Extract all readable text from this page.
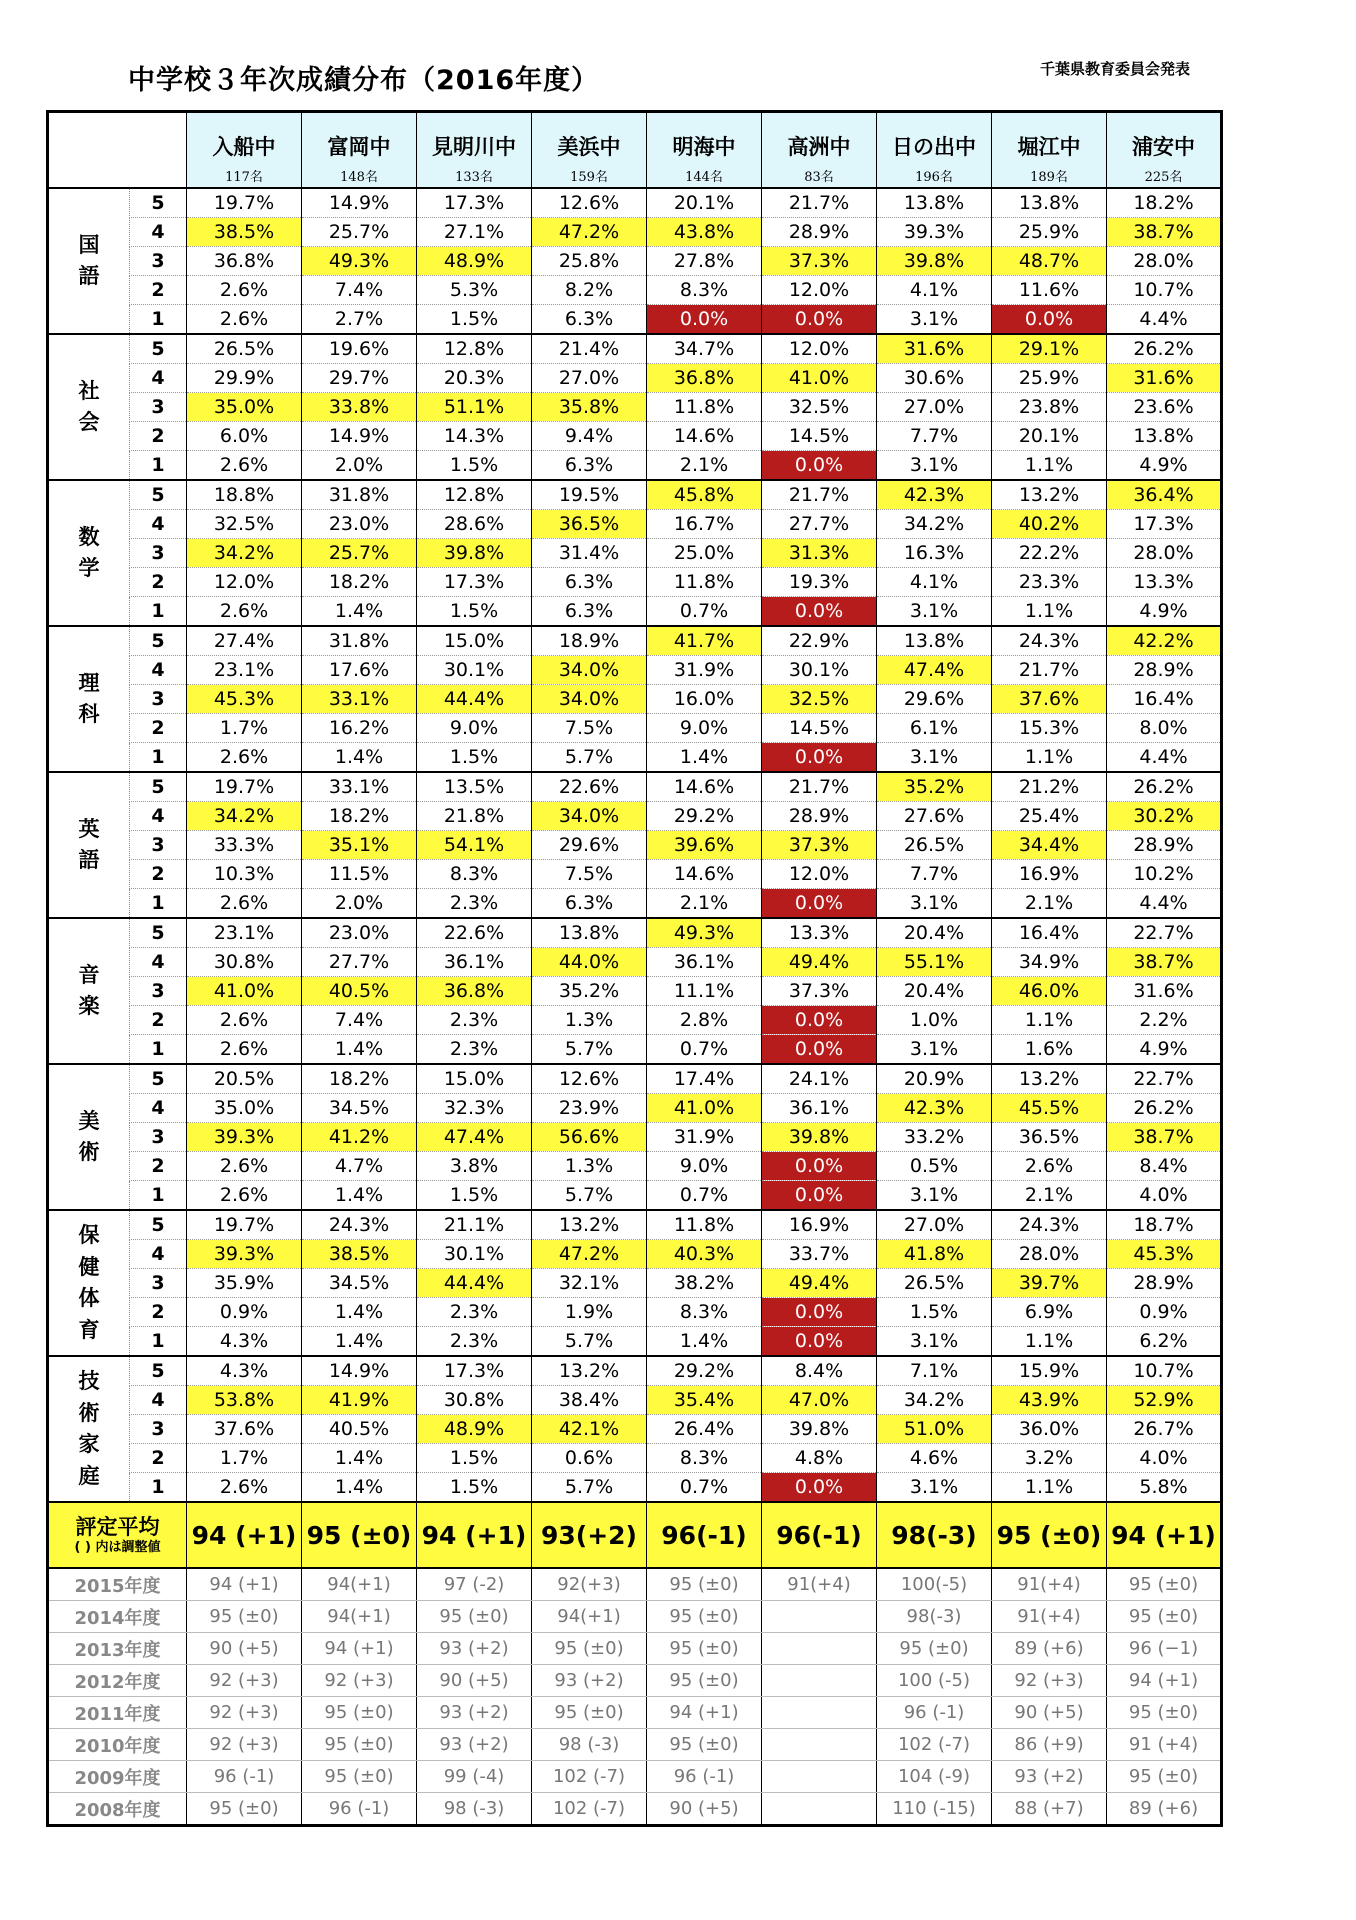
中学校３年次成績分布（2016年度）	千葉県教育委員会発表
		入船中	富岡中	見明川中	美浜中	明海中	高洲中	日の出中	堀江中	浦安中
		117名	148名	133名	159名	144名	83名	196名	189名	225名
国語	5	19.7%	14.9%	17.3%	12.6%	20.1%	21.7%	13.8%	13.8%	18.2%
	4	38.5%	25.7%	27.1%	47.2%	43.8%	28.9%	39.3%	25.9%	38.7%
	3	36.8%	49.3%	48.9%	25.8%	27.8%	37.3%	39.8%	48.7%	28.0%
	2	2.6%	7.4%	5.3%	8.2%	8.3%	12.0%	4.1%	11.6%	10.7%
	1	2.6%	2.7%	1.5%	6.3%	0.0%	0.0%	3.1%	0.0%	4.4%
社会	5	26.5%	19.6%	12.8%	21.4%	34.7%	12.0%	31.6%	29.1%	26.2%
	4	29.9%	29.7%	20.3%	27.0%	36.8%	41.0%	30.6%	25.9%	31.6%
	3	35.0%	33.8%	51.1%	35.8%	11.8%	32.5%	27.0%	23.8%	23.6%
	2	6.0%	14.9%	14.3%	9.4%	14.6%	14.5%	7.7%	20.1%	13.8%
	1	2.6%	2.0%	1.5%	6.3%	2.1%	0.0%	3.1%	1.1%	4.9%
数学	5	18.8%	31.8%	12.8%	19.5%	45.8%	21.7%	42.3%	13.2%	36.4%
	4	32.5%	23.0%	28.6%	36.5%	16.7%	27.7%	34.2%	40.2%	17.3%
	3	34.2%	25.7%	39.8%	31.4%	25.0%	31.3%	16.3%	22.2%	28.0%
	2	12.0%	18.2%	17.3%	6.3%	11.8%	19.3%	4.1%	23.3%	13.3%
	1	2.6%	1.4%	1.5%	6.3%	0.7%	0.0%	3.1%	1.1%	4.9%
理科	5	27.4%	31.8%	15.0%	18.9%	41.7%	22.9%	13.8%	24.3%	42.2%
	4	23.1%	17.6%	30.1%	34.0%	31.9%	30.1%	47.4%	21.7%	28.9%
	3	45.3%	33.1%	44.4%	34.0%	16.0%	32.5%	29.6%	37.6%	16.4%
	2	1.7%	16.2%	9.0%	7.5%	9.0%	14.5%	6.1%	15.3%	8.0%
	1	2.6%	1.4%	1.5%	5.7%	1.4%	0.0%	3.1%	1.1%	4.4%
英語	5	19.7%	33.1%	13.5%	22.6%	14.6%	21.7%	35.2%	21.2%	26.2%
	4	34.2%	18.2%	21.8%	34.0%	29.2%	28.9%	27.6%	25.4%	30.2%
	3	33.3%	35.1%	54.1%	29.6%	39.6%	37.3%	26.5%	34.4%	28.9%
	2	10.3%	11.5%	8.3%	7.5%	14.6%	12.0%	7.7%	16.9%	10.2%
	1	2.6%	2.0%	2.3%	6.3%	2.1%	0.0%	3.1%	2.1%	4.4%
音楽	5	23.1%	23.0%	22.6%	13.8%	49.3%	13.3%	20.4%	16.4%	22.7%
	4	30.8%	27.7%	36.1%	44.0%	36.1%	49.4%	55.1%	34.9%	38.7%
	3	41.0%	40.5%	36.8%	35.2%	11.1%	37.3%	20.4%	46.0%	31.6%
	2	2.6%	7.4%	2.3%	1.3%	2.8%	0.0%	1.0%	1.1%	2.2%
	1	2.6%	1.4%	2.3%	5.7%	0.7%	0.0%	3.1%	1.6%	4.9%
美術	5	20.5%	18.2%	15.0%	12.6%	17.4%	24.1%	20.9%	13.2%	22.7%
	4	35.0%	34.5%	32.3%	23.9%	41.0%	36.1%	42.3%	45.5%	26.2%
	3	39.3%	41.2%	47.4%	56.6%	31.9%	39.8%	33.2%	36.5%	38.7%
	2	2.6%	4.7%	3.8%	1.3%	9.0%	0.0%	0.5%	2.6%	8.4%
	1	2.6%	1.4%	1.5%	5.7%	0.7%	0.0%	3.1%	2.1%	4.0%
保健体育	5	19.7%	24.3%	21.1%	13.2%	11.8%	16.9%	27.0%	24.3%	18.7%
	4	39.3%	38.5%	30.1%	47.2%	40.3%	33.7%	41.8%	28.0%	45.3%
	3	35.9%	34.5%	44.4%	32.1%	38.2%	49.4%	26.5%	39.7%	28.9%
	2	0.9%	1.4%	2.3%	1.9%	8.3%	0.0%	1.5%	6.9%	0.9%
	1	4.3%	1.4%	2.3%	5.7%	1.4%	0.0%	3.1%	1.1%	6.2%
技術家庭	5	4.3%	14.9%	17.3%	13.2%	29.2%	8.4%	7.1%	15.9%	10.7%
	4	53.8%	41.9%	30.8%	38.4%	35.4%	47.0%	34.2%	43.9%	52.9%
	3	37.6%	40.5%	48.9%	42.1%	26.4%	39.8%	51.0%	36.0%	26.7%
	2	1.7%	1.4%	1.5%	0.6%	8.3%	4.8%	4.6%	3.2%	4.0%
	1	2.6%	1.4%	1.5%	5.7%	0.7%	0.0%	3.1%	1.1%	5.8%
評定平均
( ) 内は調整値		94 (+1)	95 (±0)	94 (+1)	93(+2)	96(-1)	96(-1)	98(-3)	95 (±0)	94 (+1)
2015年度		94 (+1)	94(+1)	97 (-2)	92(+3)	95 (±0)	91(+4)	100(-5)	91(+4)	95 (±0)
2014年度		95 (±0)	94(+1)	95 (±0)	94(+1)	95 (±0)		98(-3)	91(+4)	95 (±0)
2013年度		90 (+5)	94 (+1)	93 (+2)	95 (±0)	95 (±0)		95 (±0)	89 (+6)	96 (−1)
2012年度		92 (+3)	92 (+3)	90 (+5)	93 (+2)	95 (±0)		100 (-5)	92 (+3)	94 (+1)
2011年度		92 (+3)	95 (±0)	93 (+2)	95 (±0)	94 (+1)		96 (-1)	90 (+5)	95 (±0)
2010年度		92 (+3)	95 (±0)	93 (+2)	98 (-3)	95 (±0)		102 (-7)	86 (+9)	91 (+4)
2009年度		96 (-1)	95 (±0)	99 (-4)	102 (-7)	96 (-1)		104 (-9)	93 (+2)	95 (±0)
2008年度		95 (±0)	96 (-1)	98 (-3)	102 (-7)	90 (+5)		110 (-15)	88 (+7)	89 (+6)
